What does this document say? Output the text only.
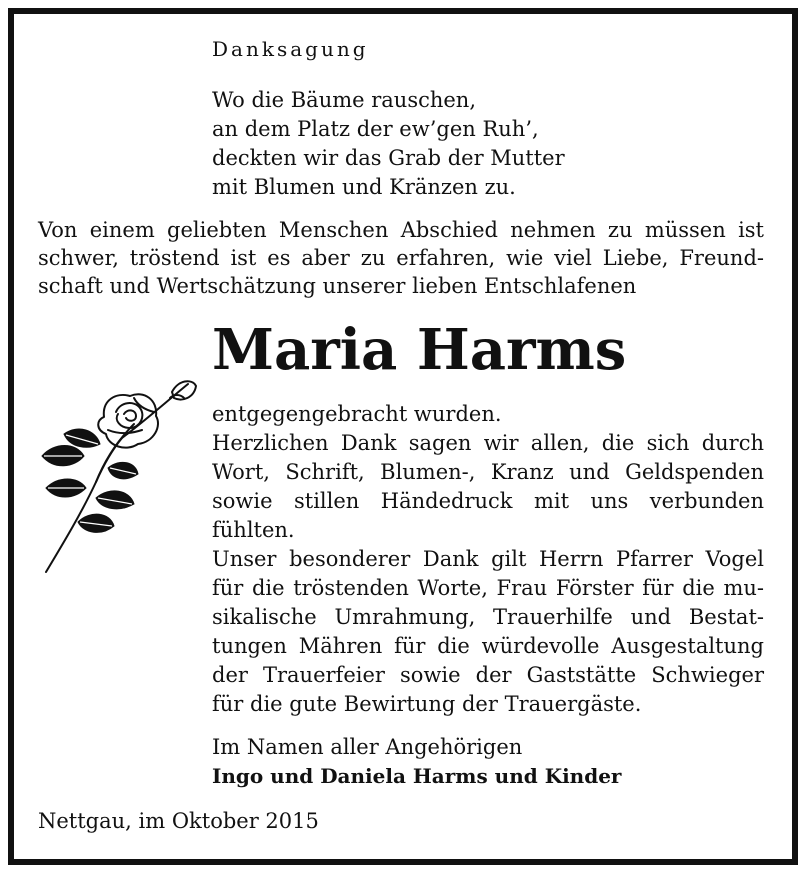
Danksagung
Wo die Bäume rauschen,
an dem Platz der ew’gen Ruh’,
deckten wir das Grab der Mutter
mit Blumen und Kränzen zu.
Von einem geliebten Menschen Abschied nehmen zu müssen ist
schwer, tröstend ist es aber zu erfahren, wie viel Liebe, Freund-
schaft und Wertschätzung unserer lieben Entschlafenen
Maria Harms
entgegengebracht wurden.
Herzlichen Dank sagen wir allen, die sich durch
Wort, Schrift, Blumen-, Kranz und Geldspenden
sowie stillen Händedruck mit uns verbunden
fühlten.
Unser besonderer Dank gilt Herrn Pfarrer Vogel
für die tröstenden Worte, Frau Förster für die mu-
sikalische Umrahmung, Trauerhilfe und Bestat-
tungen Mähren für die würdevolle Ausgestaltung
der Trauerfeier sowie der Gaststätte Schwieger
für die gute Bewirtung der Trauergäste.
Im Namen aller Angehörigen
Ingo und Daniela Harms und Kinder
Nettgau, im Oktober 2015
